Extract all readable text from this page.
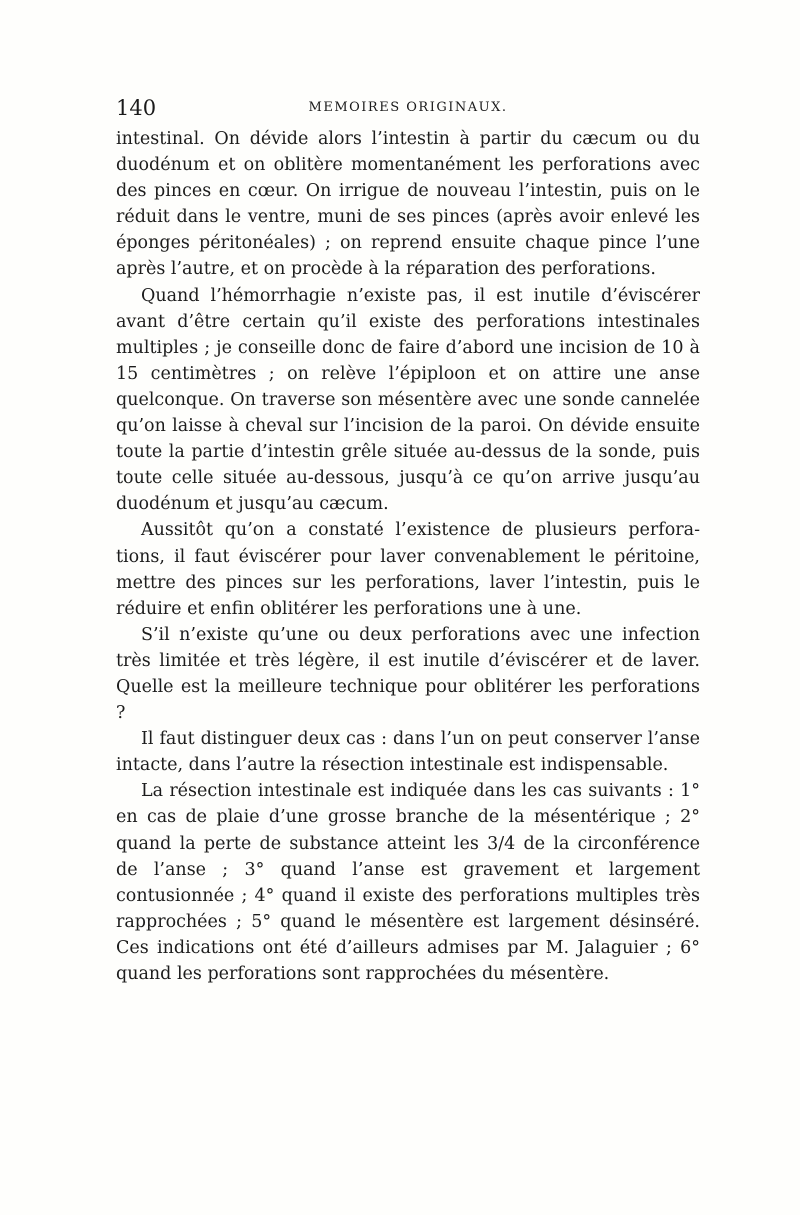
140	MEMOIRES ORIGINAUX.

intestinal. On dévide alors l’intestin à partir du cæcum ou du duodénum et on oblitère momentanément les perforations avec des pinces en cœur. On irrigue de nouveau l’intestin, puis on le réduit dans le ventre, muni de ses pinces (après avoir enlevé les éponges péritonéales) ; on reprend ensuite chaque pince l’une après l’autre, et on procède à la réparation des perforations.

Quand l’hémorrhagie n’existe pas, il est inutile d’éviscérer avant d’être certain qu’il existe des perforations intestinales multiples ; je conseille donc de faire d’abord une incision de 10 à 15 centimètres ; on relève l’épiploon et on attire une anse quelconque. On traverse son mésentère avec une sonde cannelée qu’on laisse à cheval sur l’incision de la paroi. On dévide ensuite toute la partie d’intestin grêle située au-dessus de la sonde, puis toute celle située au-dessous, jusqu’à ce qu’on arrive jusqu’au duodénum et jusqu’au cæcum.

Aussitôt qu’on a constaté l’existence de plusieurs perforations, il faut éviscérer pour laver convenablement le péritoine, mettre des pinces sur les perforations, laver l’intestin, puis le réduire et enfin oblitérer les perforations une à une.

S’il n’existe qu’une ou deux perforations avec une infection très limitée et très légère, il est inutile d’éviscérer et de laver. Quelle est la meilleure technique pour oblitérer les perforations ?

Il faut distinguer deux cas : dans l’un on peut conserver l’anse intacte, dans l’autre la résection intestinale est indispensable.

La résection intestinale est indiquée dans les cas suivants : 1° en cas de plaie d’une grosse branche de la mésentérique ; 2° quand la perte de substance atteint les 3/4 de la circonférence de l’anse ; 3° quand l’anse est gravement et largement contusionnée ; 4° quand il existe des perforations multiples très rapprochées ; 5° quand le mésentère est largement désinséré. Ces indications ont été d’ailleurs admises par M. Jalaguier ; 6° quand les perforations sont rapprochées du mésentère.
